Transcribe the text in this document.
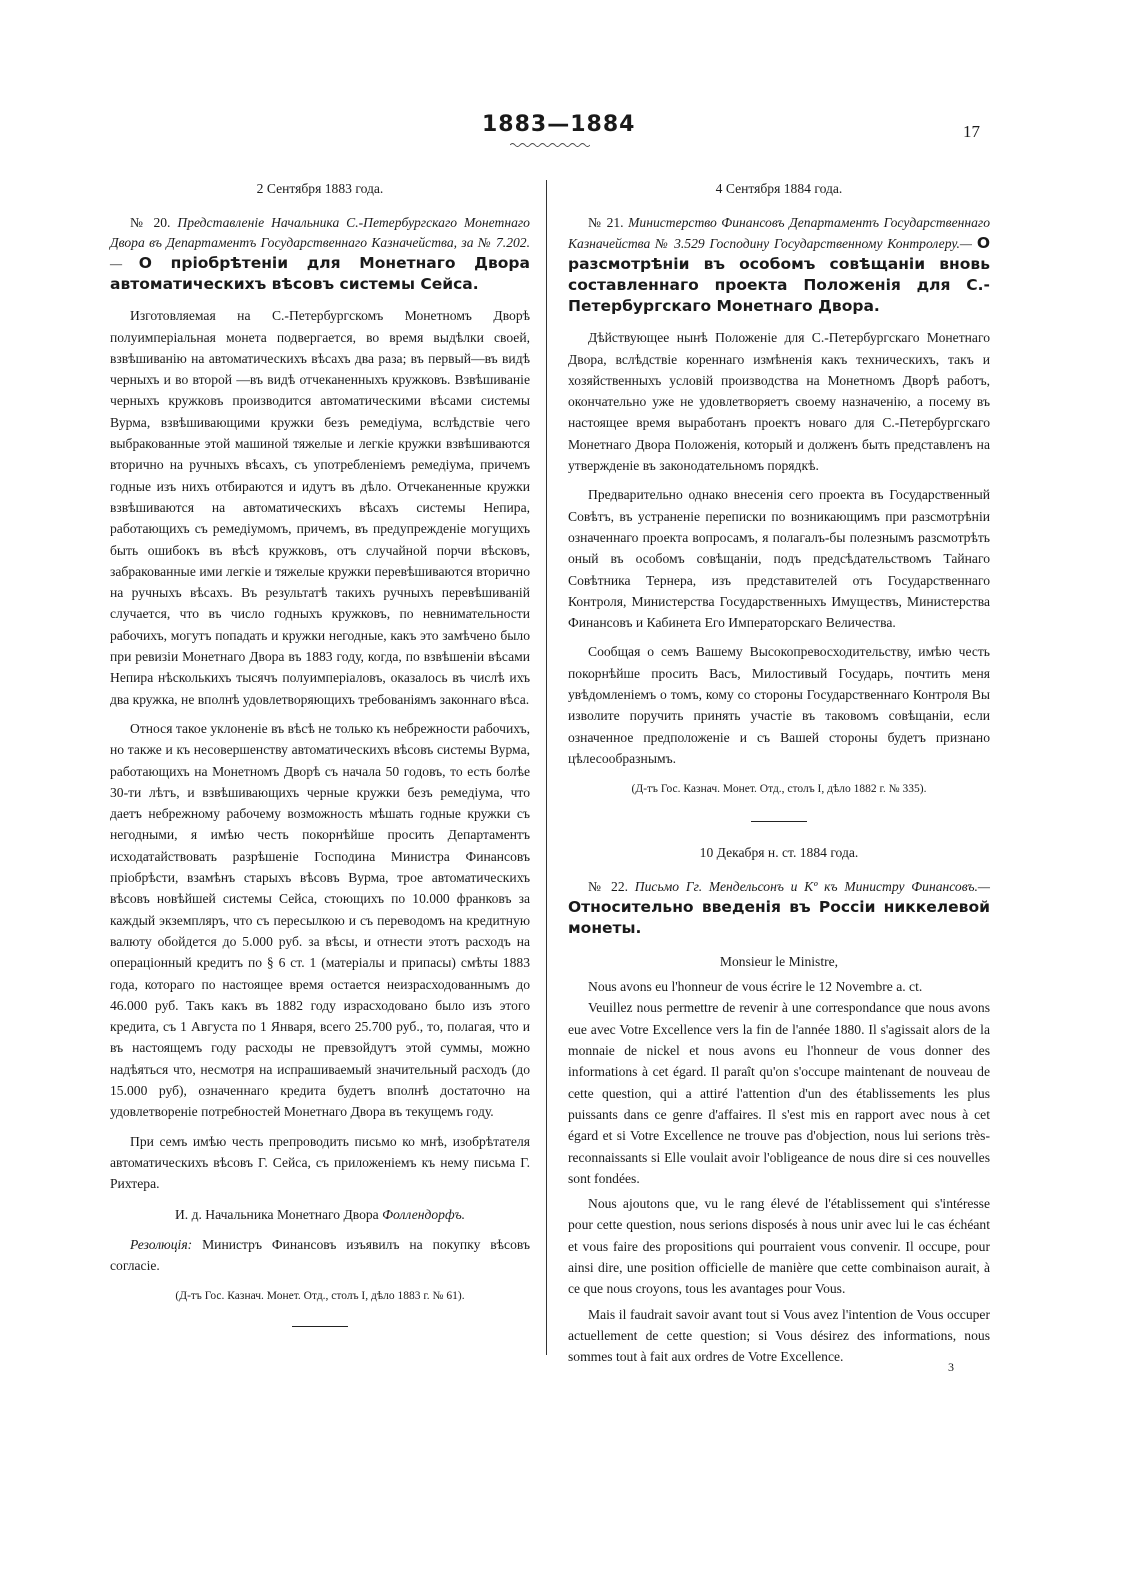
1883—1884	17

2 Сентября 1883 года.

№ 20. Представленіе Начальника С.-Петербургскаго Монетнаго Двора въ Департаментъ Государственнаго Казначейства, за № 7.202.— О пріобрѣтеніи для Монетнаго Двора автоматическихъ вѣсовъ системы Сейса.

Изготовляемая на С.-Петербургскомъ Монетномъ Дворѣ полуимперіальная монета подвергается, во время выдѣлки своей, взвѣшиванію на автоматическихъ вѣсахъ два раза; въ первый—въ видѣ черныхъ и во второй —въ видѣ отчеканенныхъ кружковъ. Взвѣшиваніе черныхъ кружковъ производится автоматическими вѣсами системы Вурма, взвѣшивающими кружки безъ ремедіума, вслѣдствіе чего выбракованные этой машиной тяжелые и легкіе кружки взвѣшиваются вторично на ручныхъ вѣсахъ, съ употребленіемъ ремедіума, причемъ годные изъ нихъ отбираются и идутъ въ дѣло. Отчеканенные кружки взвѣшиваются на автоматическихъ вѣсахъ системы Непира, работающихъ съ ремедіумомъ, причемъ, въ предупрежденіе могущихъ быть ошибокъ въ вѣсѣ кружковъ, отъ случайной порчи вѣсковъ, забракованные ими легкіе и тяжелые кружки перевѣшиваются вторично на ручныхъ вѣсахъ. Въ результатѣ такихъ ручныхъ перевѣшиваній случается, что въ число годныхъ кружковъ, по невнимательности рабочихъ, могутъ попадать и кружки негодные, какъ это замѣчено было при ревизіи Монетнаго Двора въ 1883 году, когда, по взвѣшеніи вѣсами Непира нѣсколькихъ тысячъ полуимперіаловъ, оказалось въ числѣ ихъ два кружка, не вполнѣ удовлетворяющихъ требованіямъ законнаго вѣса.

Относя такое уклоненіе въ вѣсѣ не только къ небрежности рабочихъ, но также и къ несовершенству автоматическихъ вѣсовъ системы Вурма, работающихъ на Монетномъ Дворѣ съ начала 50 годовъ, то есть болѣе 30-ти лѣтъ, и взвѣшивающихъ черные кружки безъ ремедіума, что даетъ небрежному рабочему возможность мѣшать годные кружки съ негодными, я имѣю честь покорнѣйше просить Департаментъ исходатайствовать разрѣшеніе Господина Министра Финансовъ пріобрѣсти, взамѣнъ старыхъ вѣсовъ Вурма, трое автоматическихъ вѣсовъ новѣйшей системы Сейса, стоющихъ по 10.000 франковъ за каждый экземпляръ, что съ пересылкою и съ переводомъ на кредитную валюту обойдется до 5.000 руб. за вѣсы, и отнести этотъ расходъ на операціонный кредитъ по § 6 ст. 1 (матеріалы и припасы) смѣты 1883 года, котораго по настоящее время остается неизрасходованнымъ до 46.000 руб. Такъ какъ въ 1882 году израсходовано было изъ этого кредита, съ 1 Августа по 1 Января, всего 25.700 руб., то, полагая, что и въ настоящемъ году расходы не превзойдутъ этой суммы, можно надѣяться что, несмотря на испрашиваемый значительный расходъ (до 15.000 руб), означеннаго кредита будетъ вполнѣ достаточно на удовлетвореніе потребностей Монетнаго Двора въ текущемъ году.

При семъ имѣю честь препроводить письмо ко мнѣ, изобрѣтателя автоматическихъ вѣсовъ Г. Сейса, съ приложеніемъ къ нему письма Г. Рихтера.

И. д. Начальника Монетнаго Двора Фоллендорфъ.

Резолюція: Министръ Финансовъ изъявилъ на покупку вѣсовъ согласіе.

(Д-тъ Гос. Казнач. Монет. Отд., столъ I, дѣло 1883 г. № 61).

4 Сентября 1884 года.

№ 21. Министерство Финансовъ Департаментъ Государственнаго Казначейства № 3.529 Господину Государственному Контролеру.— О разсмотрѣніи въ особомъ совѣщаніи вновь составленнаго проекта Положенія для С.-Петербургскаго Монетнаго Двора.

Дѣйствующее нынѣ Положеніе для С.-Петербургскаго Монетнаго Двора, вслѣдствіе кореннаго измѣненія какъ техническихъ, такъ и хозяйственныхъ условій производства на Монетномъ Дворѣ работъ, окончательно уже не удовлетворяетъ своему назначенію, а посему въ настоящее время выработанъ проектъ новаго для С.-Петербургскаго Монетнаго Двора Положенія, который и долженъ быть представленъ на утвержденіе въ законодательномъ порядкѣ.

Предварительно однако внесенія сего проекта въ Государственный Совѣтъ, въ устраненіе переписки по возникающимъ при разсмотрѣніи означеннаго проекта вопросамъ, я полагалъ-бы полезнымъ разсмотрѣть оный въ особомъ совѣщаніи, подъ предсѣдательствомъ Тайнаго Совѣтника Тернера, изъ представителей отъ Государственнаго Контроля, Министерства Государственныхъ Имуществъ, Министерства Финансовъ и Кабинета Его Императорскаго Величества.

Сообщая о семъ Вашему Высокопревосходительству, имѣю честь покорнѣйше просить Васъ, Милостивый Государь, почтить меня увѣдомленіемъ о томъ, кому со стороны Государственнаго Контроля Вы изволите поручить принять участіе въ таковомъ совѣщаніи, если означенное предположеніе и съ Вашей стороны будетъ признано цѣлесообразнымъ.

(Д-тъ Гос. Казнач. Монет. Отд., столъ I, дѣло 1882 г. № 335).

10 Декабря н. ст. 1884 года.

№ 22. Письмо Гг. Мендельсонъ и Kº къ Министру Финансовъ.— Относительно введенія въ Россіи никкелевой монеты.

Monsieur le Ministre,

Nous avons eu l'honneur de vous écrire le 12 Novembre a. ct.

Veuillez nous permettre de revenir à une correspondance que nous avons eue avec Votre Excellence vers la fin de l'année 1880. Il s'agissait alors de la monnaie de nickel et nous avons eu l'honneur de vous donner des informations à cet égard. Il paraît qu'on s'occupe maintenant de nouveau de cette question, qui a attiré l'attention d'un des établissements les plus puissants dans ce genre d'affaires. Il s'est mis en rapport avec nous à cet égard et si Votre Excellence ne trouve pas d'objection, nous lui serions très-reconnaissants si Elle voulait avoir l'obligeance de nous dire si ces nouvelles sont fondées.

Nous ajoutons que, vu le rang élevé de l'établissement qui s'intéresse pour cette question, nous serions disposés à nous unir avec lui le cas échéant et vous faire des propositions qui pourraient vous convenir. Il occupe, pour ainsi dire, une position officielle de manière que cette combinaison aurait, à ce que nous croyons, tous les avantages pour Vous.

Mais il faudrait savoir avant tout si Vous avez l'intention de Vous occuper actuellement de cette question; si Vous désirez des informations, nous sommes tout à fait aux ordres de Votre Excellence.

3
